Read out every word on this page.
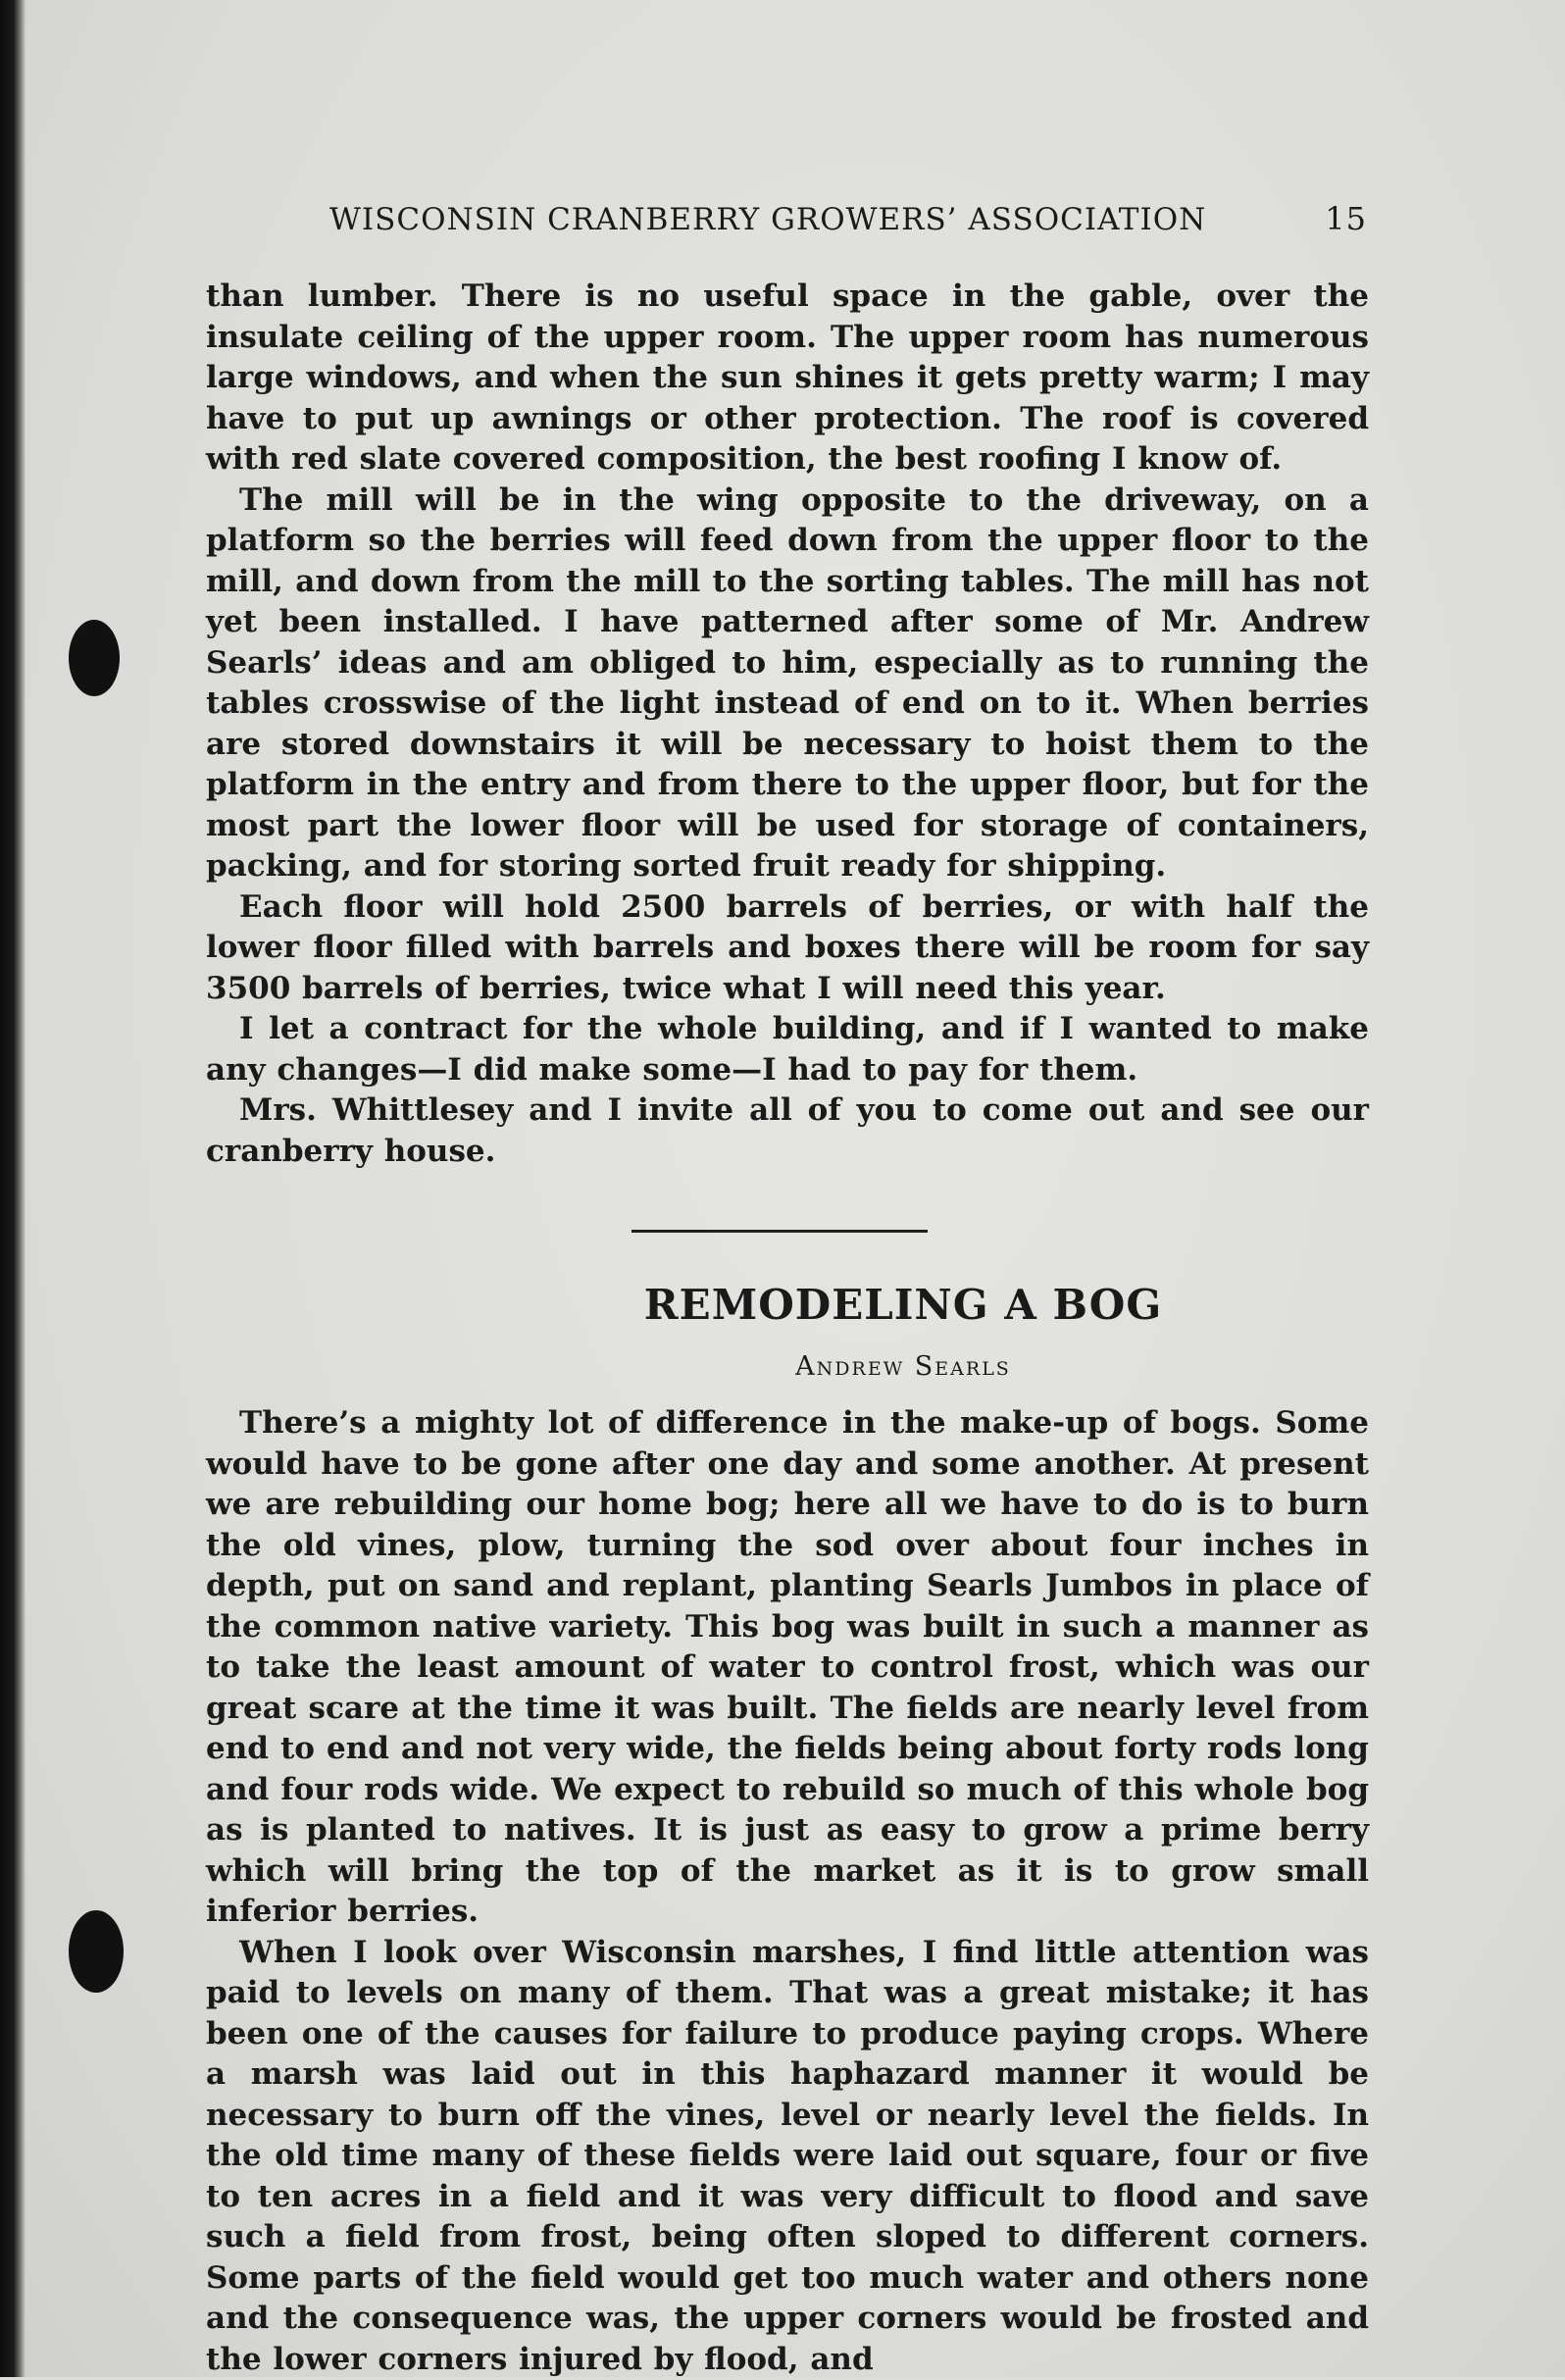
WISCONSIN CRANBERRY GROWERS’ ASSOCIATION	15

than lumber. There is no useful space in the gable, over the insulate ceiling of the upper room. The upper room has numerous large windows, and when the sun shines it gets pretty warm; I may have to put up awnings or other protection. The roof is covered with red slate covered composition, the best roofing I know of.

The mill will be in the wing opposite to the driveway, on a platform so the berries will feed down from the upper floor to the mill, and down from the mill to the sorting tables. The mill has not yet been installed. I have patterned after some of Mr. Andrew Searls’ ideas and am obliged to him, especially as to running the tables crosswise of the light instead of end on to it. When berries are stored downstairs it will be necessary to hoist them to the platform in the entry and from there to the upper floor, but for the most part the lower floor will be used for storage of containers, packing, and for storing sorted fruit ready for shipping.

Each floor will hold 2500 barrels of berries, or with half the lower floor filled with barrels and boxes there will be room for say 3500 barrels of berries, twice what I will need this year.

I let a contract for the whole building, and if I wanted to make any changes—I did make some—I had to pay for them.

Mrs. Whittlesey and I invite all of you to come out and see our cranberry house.

REMODELING A BOG
Andrew Searls

There’s a mighty lot of difference in the make-up of bogs. Some would have to be gone after one day and some another. At present we are rebuilding our home bog; here all we have to do is to burn the old vines, plow, turning the sod over about four inches in depth, put on sand and replant, planting Searls Jumbos in place of the common native variety. This bog was built in such a manner as to take the least amount of water to control frost, which was our great scare at the time it was built. The fields are nearly level from end to end and not very wide, the fields being about forty rods long and four rods wide. We expect to rebuild so much of this whole bog as is planted to natives. It is just as easy to grow a prime berry which will bring the top of the market as it is to grow small inferior berries.

When I look over Wisconsin marshes, I find little attention was paid to levels on many of them. That was a great mistake; it has been one of the causes for failure to produce paying crops. Where a marsh was laid out in this haphazard manner it would be necessary to burn off the vines, level or nearly level the fields. In the old time many of these fields were laid out square, four or five to ten acres in a field and it was very difficult to flood and save such a field from frost, being often sloped to different corners. Some parts of the field would get too much water and others none and the consequence was, the upper corners would be frosted and the lower corners injured by flood, and
